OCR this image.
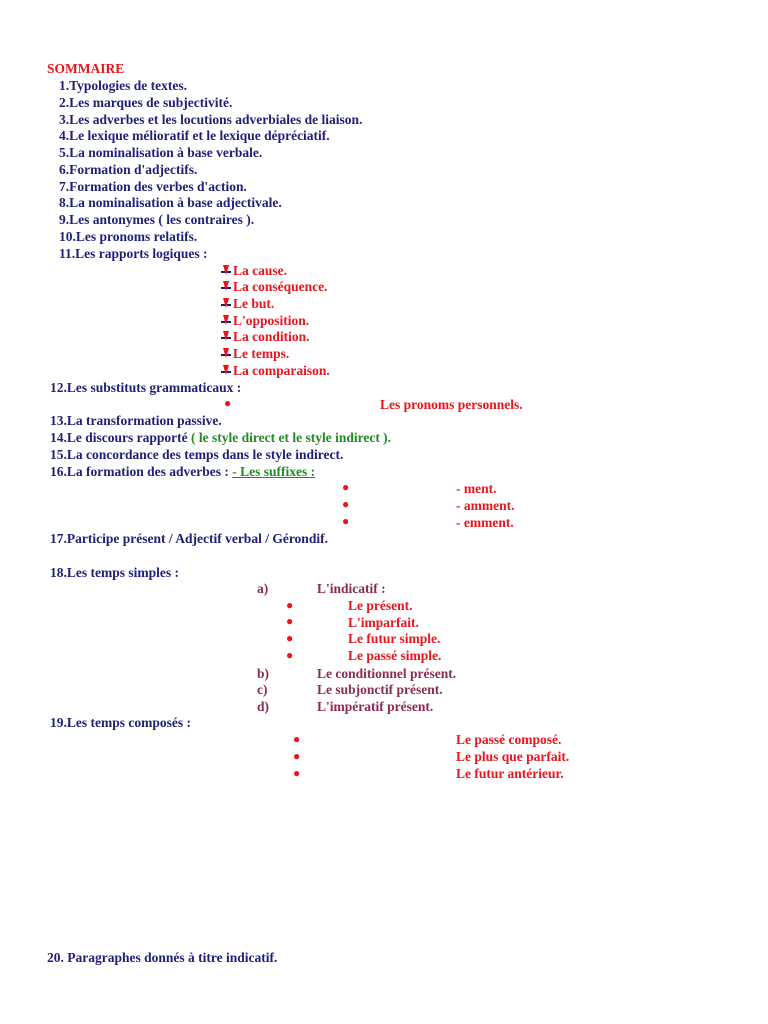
SOMMAIRE
1.Typologies de textes.
2.Les marques de subjectivité.
3.Les adverbes et les locutions adverbiales de liaison.
4.Le lexique mélioratif et le lexique dépréciatif.
5.La nominalisation à base verbale.
6.Formation d'adjectifs.
7.Formation des verbes d'action.
8.La nominalisation à base adjectivale.
9.Les antonymes ( les contraires ).
10.Les pronoms relatifs.
11.Les rapports logiques :
La cause.
La conséquence.
Le but.
L'opposition.
La condition.
Le temps.
La comparaison.
12.Les substituts grammaticaux :
●	Les pronoms personnels.
13.La transformation passive.
14.Le discours rapporté ( le style direct et le style indirect ).
15.La concordance des temps dans le style indirect.
16.La formation des adverbes : - Les suffixes :
●	- ment.
●	- amment.
●	- emment.
17.Participe présent / Adjectif verbal / Gérondif.
18.Les temps simples :
a)	L'indicatif :
●	Le présent.
●	L'imparfait.
●	Le futur simple.
●	Le passé simple.
b)	Le conditionnel présent.
c)	Le subjonctif présent.
d)	L'impératif présent.
19.Les temps composés :
●	Le passé composé.
●	Le plus que parfait.
●	Le futur antérieur.
20. Paragraphes donnés à titre indicatif.
